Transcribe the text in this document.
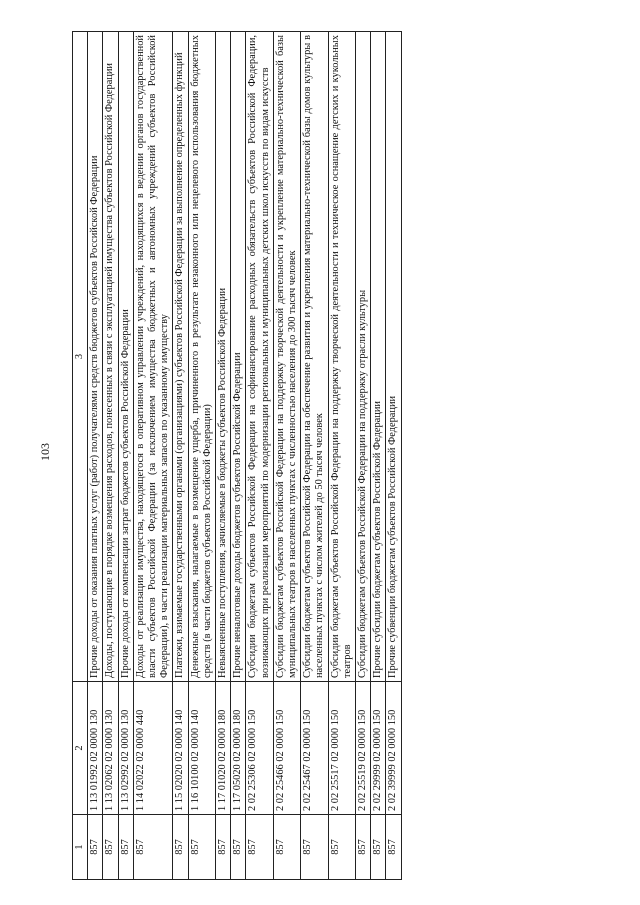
103
1	2	3
857	1 13 01992 02 0000 130	Прочие доходы от оказания платных услуг (работ) получателями средств бюджетов субъектов Российской Федерации
857	1 13 02062 02 0000 130	Доходы, поступающие в порядке возмещения расходов, понесенных в связи с эксплуатацией имущества субъектов Российской Федерации
857	1 13 02992 02 0000 130	Прочие доходы от компенсации затрат бюджетов субъектов Российской Федерации
857	1 14 02022 02 0000 440	Доходы от реализации имущества, находящегося в оперативном управлении учреждений, находящихся в ведении органов государственной власти субъектов Российской Федерации (за исключением имущества бюджетных и автономных учреждений субъектов Российской Федерации), в части реализации материальных запасов по указанному имуществу
857	1 15 02020 02 0000 140	Платежи, взимаемые государственными органами (организациями) субъектов Российской Федерации за выполнение определенных функций
857	1 16 10100 02 0000 140	Денежные взыскания, налагаемые в возмещение ущерба, причиненного в результате незаконного или нецелевого использования бюджетных средств (в части бюджетов субъектов Российской Федерации)
857	1 17 01020 02 0000 180	Невыясненные поступления, зачисляемые в бюджеты субъектов Российской Федерации
857	1 17 05020 02 0000 180	Прочие неналоговые доходы бюджетов субъектов Российской Федерации
857	2 02 25306 02 0000 150	Субсидии бюджетам субъектов Российской Федерации на софинансирование расходных обязательств субъектов Российской Федерации, возникающих при реализации мероприятий по модернизации региональных и муниципальных детских школ искусств по видам искусств
857	2 02 25466 02 0000 150	Субсидии бюджетам субъектов Российской Федерации на поддержку творческой деятельности и укрепление материально-технической базы муниципальных театров в населенных пунктах с численностью населения до 300 тысяч человек
857	2 02 25467 02 0000 150	Субсидии бюджетам субъектов Российской Федерации на обеспечение развития и укрепления материально-технической базы домов культуры в населенных пунктах с числом жителей до 50 тысяч человек
857	2 02 25517 02 0000 150	Субсидии бюджетам субъектов Российской Федерации на поддержку творческой деятельности и техническое оснащение детских и кукольных театров
857	2 02 25519 02 0000 150	Субсидии бюджетам субъектов Российской Федерации на поддержку отрасли культуры
857	2 02 29999 02 0000 150	Прочие субсидии бюджетам субъектов Российской Федерации
857	2 02 39999 02 0000 150	Прочие субвенции бюджетам субъектов Российской Федерации
